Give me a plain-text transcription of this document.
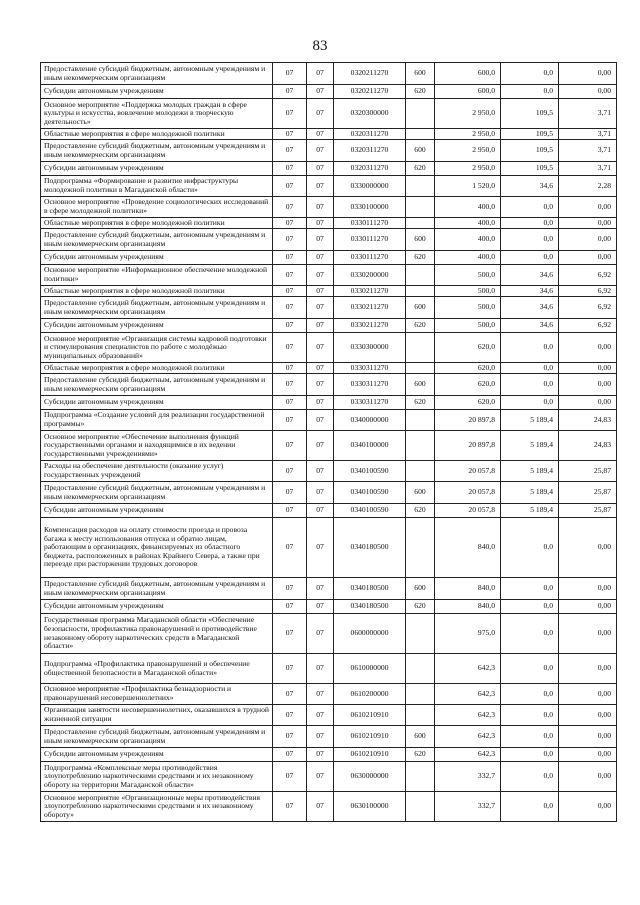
83
Предоставление субсидий бюджетным, автономным учреждениям и иным некоммерческим организациям	07	07	0320211270	600	600,0	0,0	0,00
Субсидии автономным учреждениям	07	07	0320211270	620	600,0	0,0	0,00
Основное мероприятие «Поддержка молодых граждан в сфере культуры и искусства, вовлечение молодежи в творческую деятельность»	07	07	0320300000		2 950,0	109,5	3,71
Областные мероприятия в сфере молодежной политики	07	07	0320311270		2 950,0	109,5	3,71
Предоставление субсидий бюджетным, автономным учреждениям и иным некоммерческим организациям	07	07	0320311270	600	2 950,0	109,5	3,71
Субсидии автономным учреждениям	07	07	0320311270	620	2 950,0	109,5	3,71
Подпрограмма «Формирование и развитие инфраструктуры молодежной политики в Магаданской области»	07	07	0330000000		1 520,0	34,6	2,28
Основное мероприятие «Проведение социологических исследований в сфере молодежной политики»	07	07	0330100000		400,0	0,0	0,00
Областные мероприятия в сфере молодежной политики	07	07	0330111270		400,0	0,0	0,00
Предоставление субсидий бюджетным, автономным учреждениям и иным некоммерческим организациям	07	07	0330111270	600	400,0	0,0	0,00
Субсидии автономным учреждениям	07	07	0330111270	620	400,0	0,0	0,00
Основное мероприятие «Информационное обеспечение молодежной политики»	07	07	0330200000		500,0	34,6	6,92
Областные мероприятия в сфере молодежной политики	07	07	0330211270		500,0	34,6	6,92
Предоставление субсидий бюджетным, автономным учреждениям и иным некоммерческим организациям	07	07	0330211270	600	500,0	34,6	6,92
Субсидии автономным учреждениям	07	07	0330211270	620	500,0	34,6	6,92
Основное мероприятие «Организация системы кадровой подготовки и стимулирования специалистов по работе с молодёжью муниципальных образований»	07	07	0330300000		620,0	0,0	0,00
Областные мероприятия в сфере молодежной политики	07	07	0330311270		620,0	0,0	0,00
Предоставление субсидий бюджетным, автономным учреждениям и иным некоммерческим организациям	07	07	0330311270	600	620,0	0,0	0,00
Субсидии автономным учреждениям	07	07	0330311270	620	620,0	0,0	0,00
Подпрограмма «Создание условий для реализации государственной программы»	07	07	0340000000		20 897,8	5 189,4	24,83
Основное мероприятие «Обеспечение выполнения функций государственными органами и находящимися в их ведении государственными учреждениями»	07	07	0340100000		20 897,8	5 189,4	24,83
Расходы на обеспечение деятельности (оказание услуг) государственных учреждений	07	07	0340100590		20 057,8	5 189,4	25,87
Предоставление субсидий бюджетным, автономным учреждениям и иным некоммерческим организациям	07	07	0340100590	600	20 057,8	5 189,4	25,87
Субсидии автономным учреждениям	07	07	0340100590	620	20 057,8	5 189,4	25,87
Компенсация расходов на оплату стоимости проезда и провоза багажа к месту использования отпуска и обратно лицам, работающим в организациях, финансируемых из областного бюджета, расположенных в районах Крайнего Севера, а также при переезде при расторжении трудовых договоров	07	07	0340180500		840,0	0,0	0,00
Предоставление субсидий бюджетным, автономным учреждениям и иным некоммерческим организациям	07	07	0340180500	600	840,0	0,0	0,00
Субсидии автономным учреждениям	07	07	0340180500	620	840,0	0,0	0,00
Государственная программа Магаданской области «Обеспечение безопасности, профилактика правонарушений и противодействие незаконному обороту наркотических средств в Магаданской области»	07	07	0600000000		975,0	0,0	0,00
Подпрограмма «Профилактика правонарушений и обеспечение общественной безопасности в Магаданской области»	07	07	0610000000		642,3	0,0	0,00
Основное мероприятие «Профилактика безнадзорности и правонарушений несовершеннолетних»	07	07	0610200000		642,3	0,0	0,00
Организация занятости несовершеннолетних, оказавшихся в трудной жизненной ситуации	07	07	0610210910		642,3	0,0	0,00
Предоставление субсидий бюджетным, автономным учреждениям и иным некоммерческим организациям	07	07	0610210910	600	642,3	0,0	0,00
Субсидии автономным учреждениям	07	07	0610210910	620	642,3	0,0	0,00
Подпрограмма «Комплексные меры противодействия злоупотреблению наркотическими средствами и их незаконному обороту на территории Магаданской области»	07	07	0630000000		332,7	0,0	0,00
Основное мероприятие «Организационные меры противодействия злоупотреблению наркотическими средствами и их незаконному обороту»	07	07	0630100000		332,7	0,0	0,00
